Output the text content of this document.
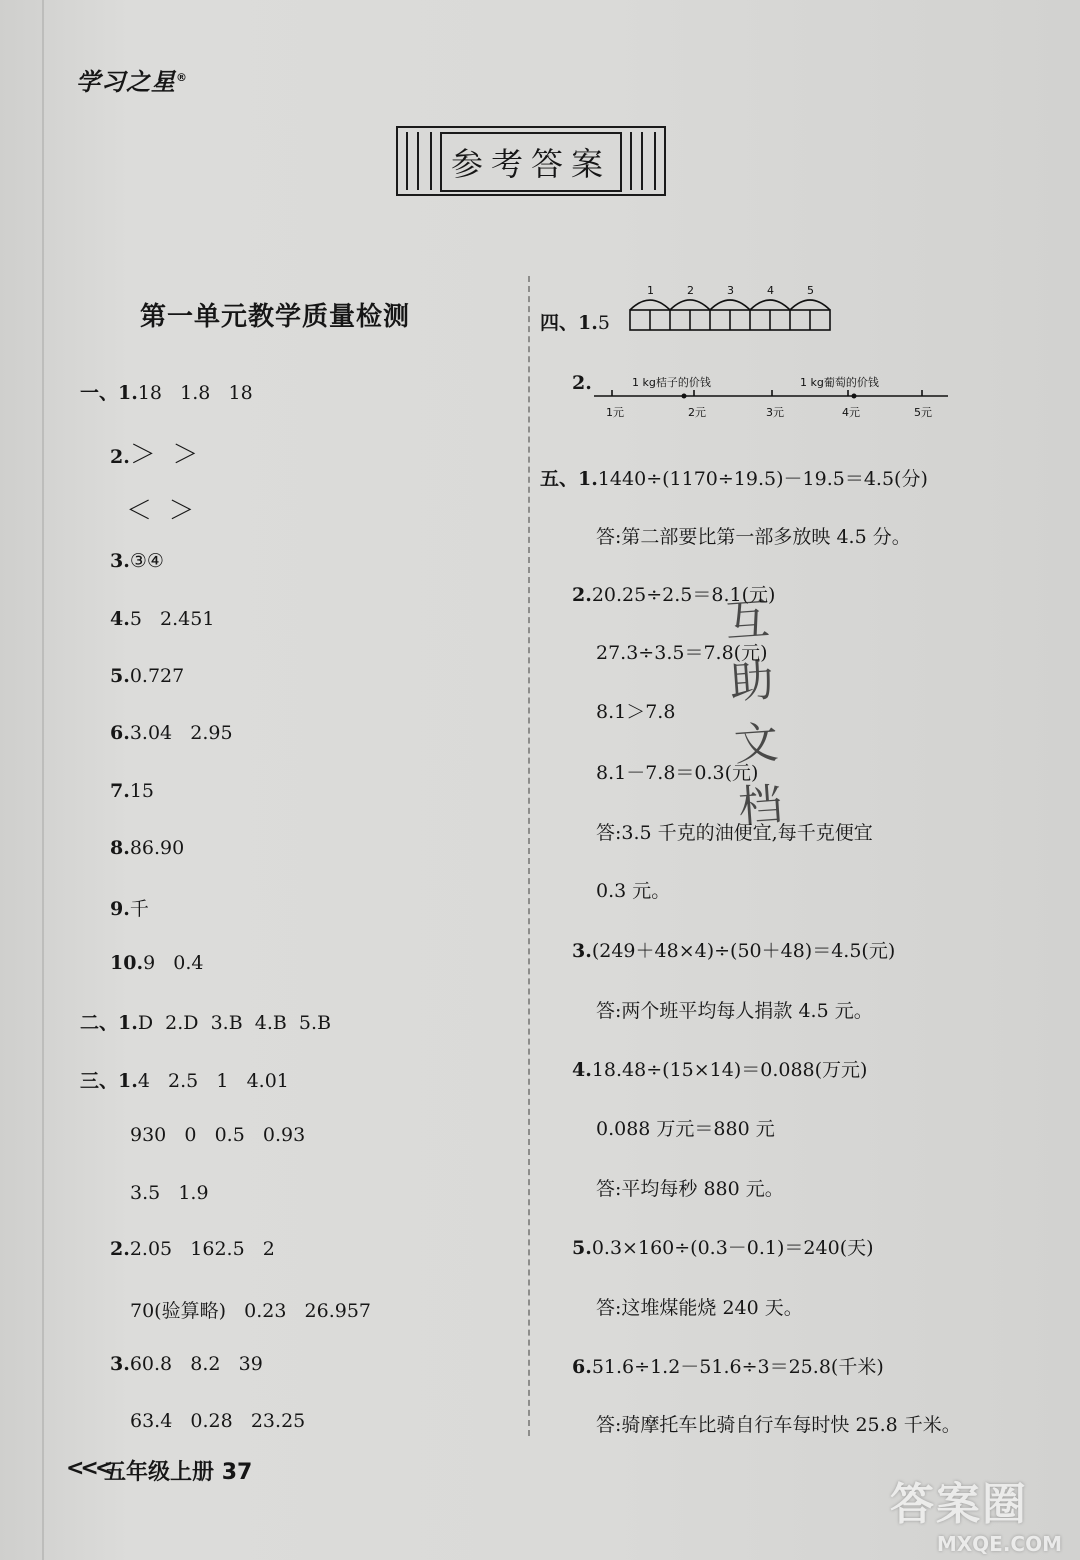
学习之星®
参考答案
第一单元教学质量检测
一、1.18   1.8   18
2.＞  ＞
＜  ＞
3.③④
4.5   2.451
5.0.727
6.3.04   2.95
7.15
8.86.90
9.千
10.9   0.4
二、1.D  2.D  3.B  4.B  5.B
三、1.4   2.5   1   4.01
930   0   0.5   0.93
3.5   1.9
2.2.05   162.5   2
70(验算略)   0.23   26.957
3.60.8   8.2   39
63.4   0.28   23.25
四、1.5
1	2	3	4	5
2.	1 kg桔子的价钱	1 kg葡萄的价钱
1元	2元	3元	4元	5元
五、1.1440÷(1170÷19.5)－19.5＝4.5(分)
答:第二部要比第一部多放映 4.5 分。
2.20.25÷2.5＝8.1(元)
27.3÷3.5＝7.8(元)
8.1＞7.8
8.1－7.8＝0.3(元)
答:3.5 千克的油便宜,每千克便宜
0.3 元。
3.(249＋48×4)÷(50＋48)＝4.5(元)
答:两个班平均每人捐款 4.5 元。
4.18.48÷(15×14)＝0.088(万元)
0.088 万元＝880 元
答:平均每秒 880 元。
5.0.3×160÷(0.3－0.1)＝240(天)
答:这堆煤能烧 240 天。
6.51.6÷1.2－51.6÷3＝25.8(千米)
答:骑摩托车比骑自行车每时快 25.8 千米。
互助文档
<<<
五年级上册 37
答案圈
MXQE.COM
